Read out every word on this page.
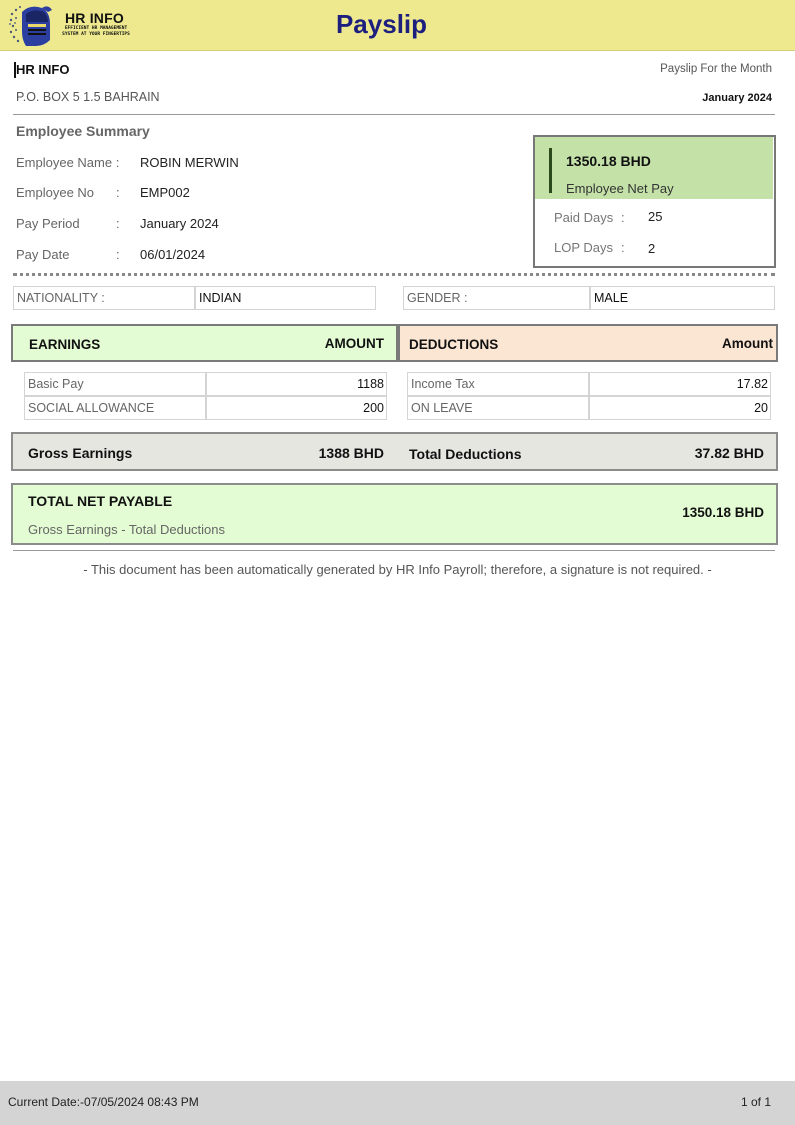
HR INFO
EFFICIENT HR MANAGEMENT SYSTEM AT YOUR FINGERTIPS	Payslip
HR INFO
P.O. BOX 5 1.5 BAHRAIN
Payslip For the Month
January 2024
Employee Summary
Employee Name : ROBIN MERWIN
Employee No : EMP002
Pay Period	: January 2024
Pay Date	: 06/01/2024
1350.18 BHD
Employee Net Pay
Paid Days : 25
LOP Days : 2
NATIONALITY :	INDIAN	GENDER :	MALE
EARNINGS	AMOUNT DEDUCTIONS	Amount
Basic Pay	1188
SOCIAL ALLOWANCE	200
Income Tax	17.82
ON LEAVE	20
Gross Earnings	1388 BHD Total Deductions	37.82 BHD
TOTAL NET PAYABLE
Gross Earnings - Total Deductions
1350.18 BHD
- This document has been automatically generated by HR Info Payroll; therefore, a signature is not required. -
Current Date:-07/05/2024 08:43 PM	1 of 1
